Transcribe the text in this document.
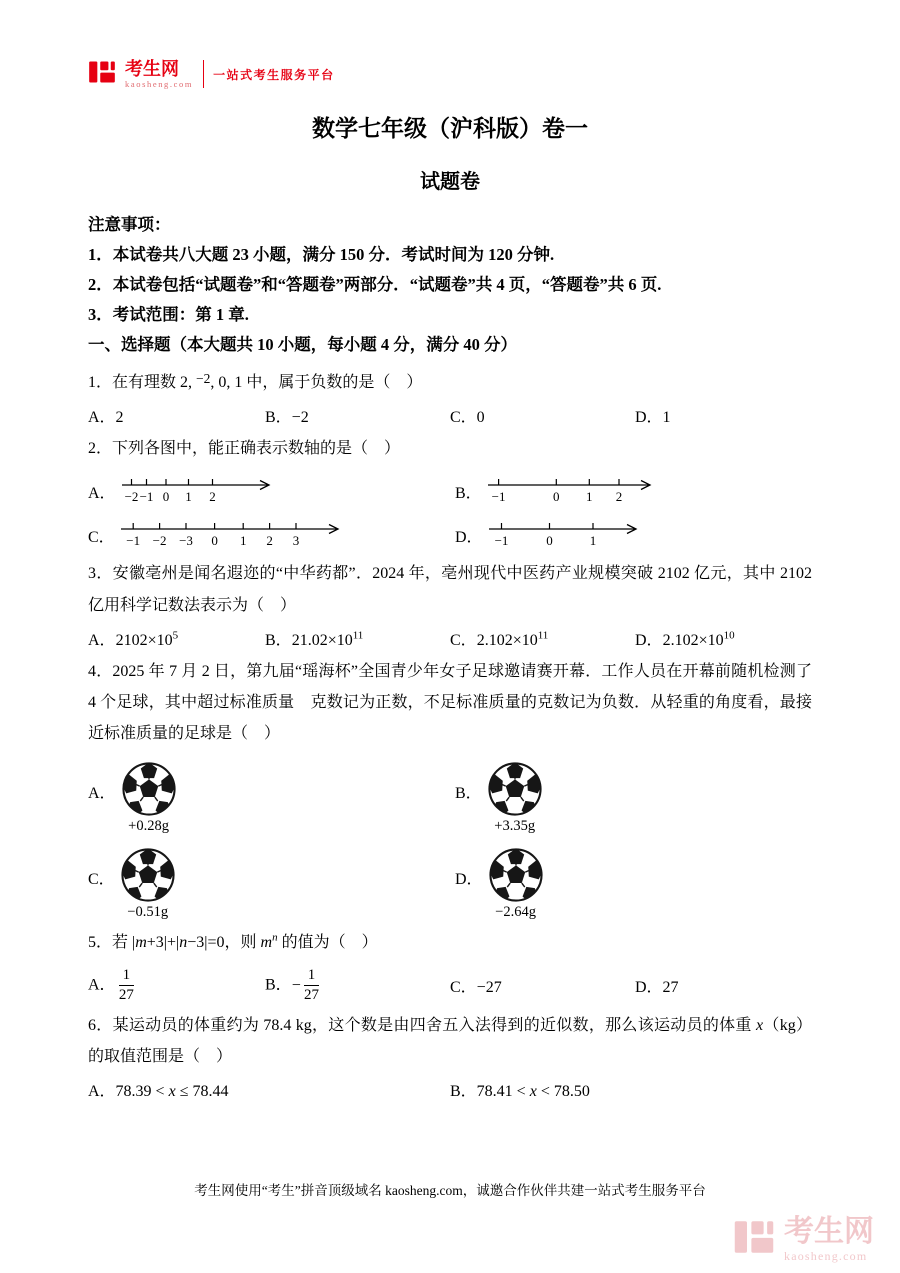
考生网
kaosheng.com
一站式考生服务平台
数学七年级（沪科版）卷一
试题卷
注意事项：
1．本试卷共八大题 23 小题，满分 150 分．考试时间为 120 分钟.
2．本试卷包括“试题卷”和“答题卷”两部分．“试题卷”共 4 页，“答题卷”共 6 页.
3．考试范围：第 1 章.
一、选择题（本大题共 10 小题，每小题 4 分，满分 40 分）

1．在有理数 2, $^{-2}$, 0, 1 中，属于负数的是（　）

A．2	B．−2	C．0	D．1

2．下列各图中，能正确表示数轴的是（　）

A． −2 −1 0 1 2	B． −1	0 1 2
C． −1 −2 −3 0 1 2 3	D． −1	0	1

3．安徽亳州是闻名遐迩的“中华药都”．2024 年，亳州现代中医药产业规模突破 2102 亿元，其中 2102 亿用科学记数法表示为（　）

A．$2102\times 10^5$	B．$21.02\times 10^{11}$	C．$2.102\times 10^{11}$	D．$2.102\times 10^{10}$

4．2025 年 7 月 2 日，第九届“瑶海杯”全国青少年女子足球邀请赛开幕．工作人员在开幕前随机检测了 4 个足球，其中超过标准质量　克数记为正数，不足标准质量的克数记为负数．从轻重的角度看，最接近标准质量的足球是（　）

A．
+0.28g
B．
+3.35g
C．
−0.51g
D．
−2.64g

5．若 |m+3|+|n−3|=0，则 $m^n$ 的值为（　）

A． $\frac{1}{27}$	B．− $\frac{1}{27}$	C．−27	D．27

6．某运动员的体重约为 78.4 kg，这个数是由四舍五入法得到的近似数，那么该运动员的体重 x（kg）的取值范围是（　）

A．78.39 < x ≤ 78.44	B．78.41 < x < 78.50
考生网使用“考生”拼音顶级域名 kaosheng.com，诚邀合作伙伴共建一站式考生服务平台
考生网
kaosheng.com
